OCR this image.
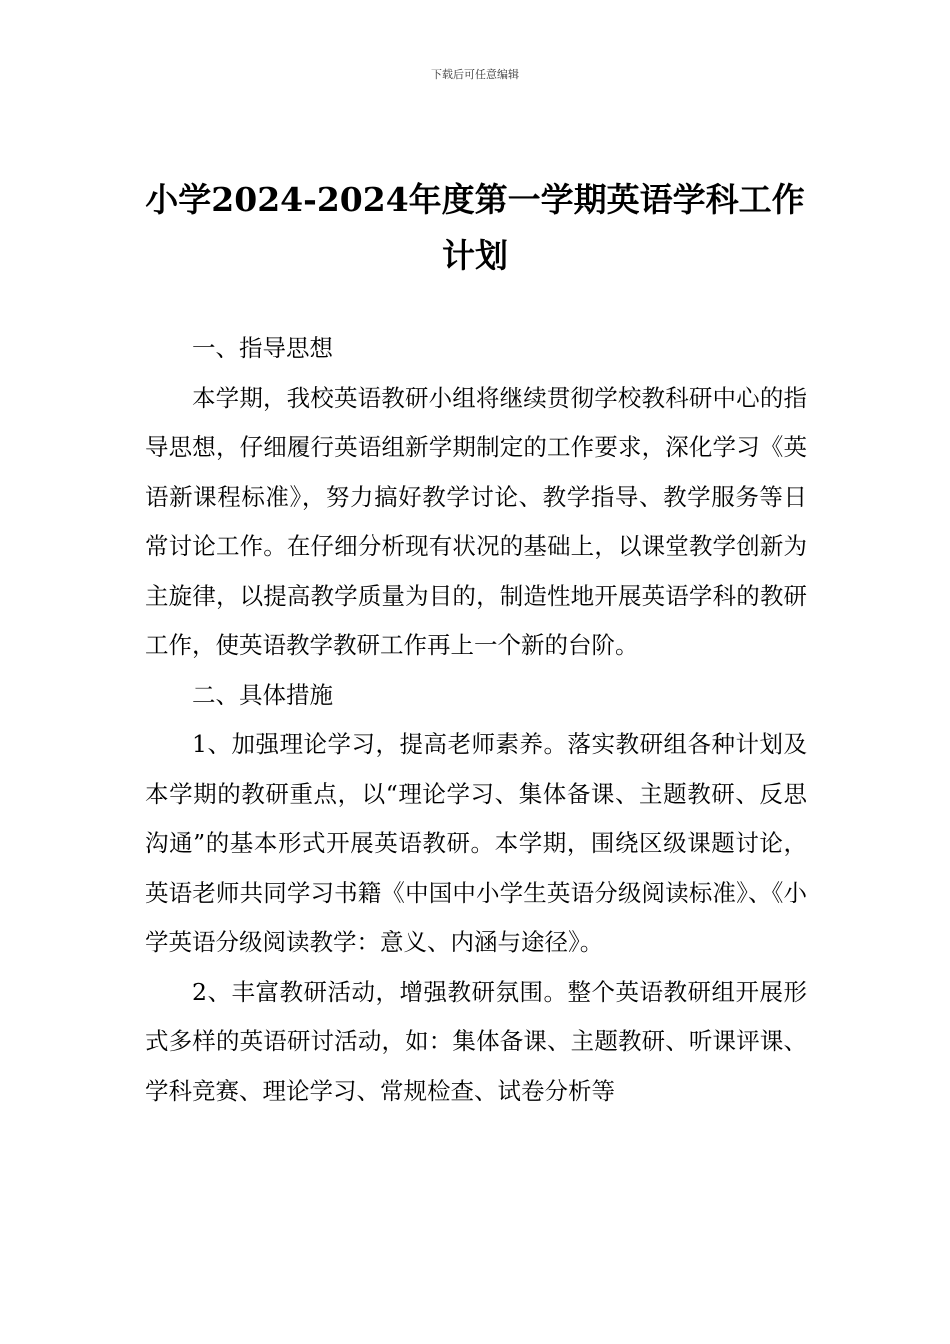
下载后可任意编辑
小学2024-2024年度第一学期英语学科工作计划

一、指导思想

本学期，我校英语教研小组将继续贯彻学校教科研中心的指导思想，仔细履行英语组新学期制定的工作要求，深化学习《英语新课程标准》，努力搞好教学讨论、教学指导、教学服务等日常讨论工作。在仔细分析现有状况的基础上，以课堂教学创新为主旋律，以提高教学质量为目的，制造性地开展英语学科的教研工作，使英语教学教研工作再上一个新的台阶。

二、具体措施

1、加强理论学习，提高老师素养。落实教研组各种计划及本学期的教研重点，以“理论学习、集体备课、主题教研、反思沟通”的基本形式开展英语教研。本学期，围绕区级课题讨论，英语老师共同学习书籍《中国中小学生英语分级阅读标准》、《小学英语分级阅读教学：意义、内涵与途径》。

2、丰富教研活动，增强教研氛围。整个英语教研组开展形式多样的英语研讨活动，如：集体备课、主题教研、听课评课、学科竞赛、理论学习、常规检查、试卷分析等
